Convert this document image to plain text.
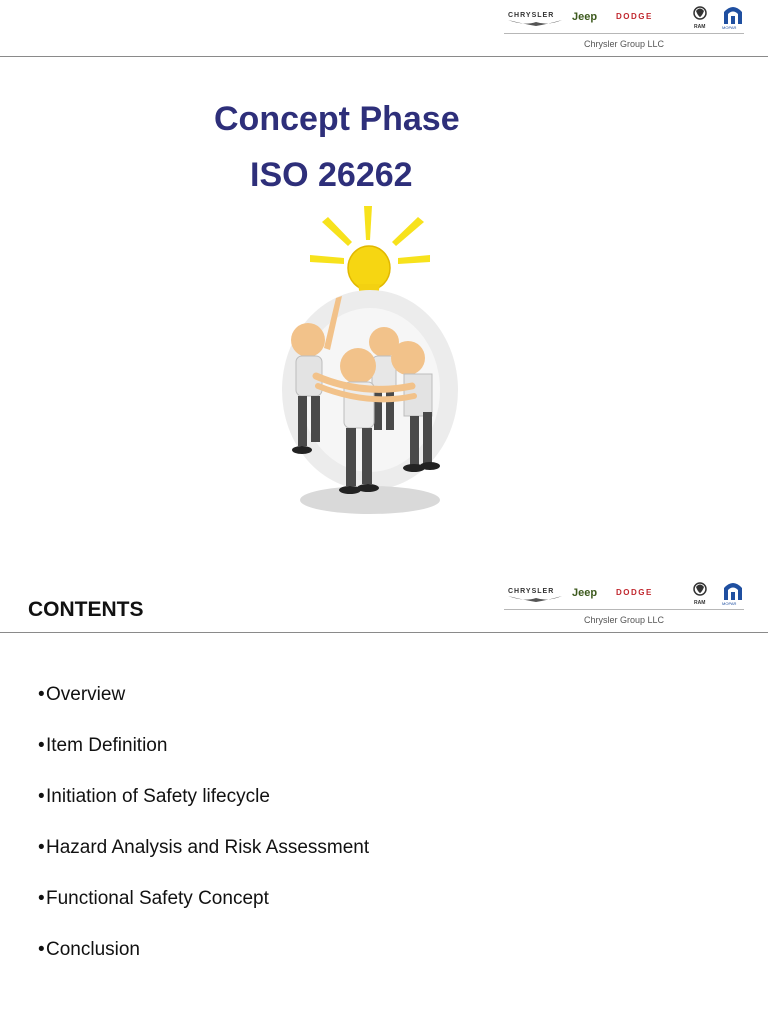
CHRYSLER Jeep DODGE
RAM	MOPAR
Chrysler Group LLC
Concept Phase
ISO 26262
CHRYSLER Jeep DODGE
RAM	MOPAR
Chrysler Group LLC
CONTENTS
•Overview
•Item Definition
•Initiation of Safety lifecycle
•Hazard Analysis and Risk Assessment
•Functional Safety Concept
•Conclusion
